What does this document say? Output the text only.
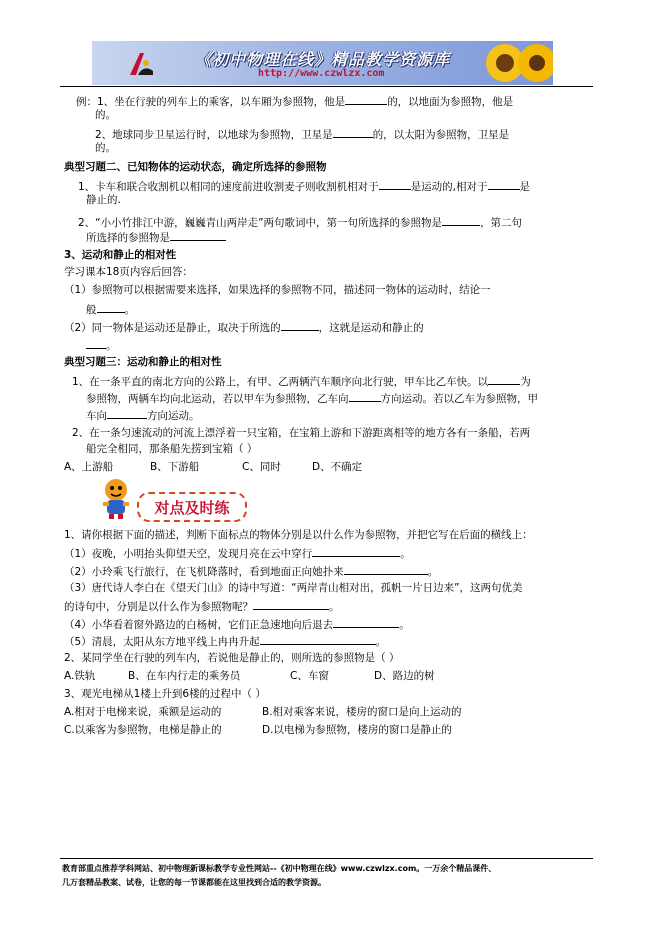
《初中物理在线》精品教学资源库
http://www.czwlzx.com
例：1、坐在行驶的列车上的乘客，以车厢为参照物，他是	的，以地面为参照物，他是
的。
2、地球同步卫星运行时，以地球为参照物，卫星是	的，以太阳为参照物，卫星是
的。
典型习题二、已知物体的运动状态，确定所选择的参照物
1、卡车和联合收割机以相同的速度前进收割麦子则收割机相对于	是运动的,相对于	是
静止的.
2、“小小竹排江中游，巍巍青山两岸走”两句歌词中，第一句所选择的参照物是	，第二句
所选择的参照物是
3、运动和静止的相对性
学习课本18页内容后回答：
（1）参照物可以根据需要来选择，如果选择的参照物不同，描述同一物体的运动时，结论一
般	。
（2）同一物体是运动还是静止，取决于所选的	，这就是运动和静止的
。
典型习题三：运动和静止的相对性
1、在一条平直的南北方向的公路上，有甲、乙两辆汽车顺序向北行驶，甲车比乙车快。以	为
参照物，两辆车均向北运动，若以甲车为参照物，乙车向	方向运动。若以乙车为参照物，甲
车向	方向运动。
2、在一条匀速流动的河流上漂浮着一只宝箱，在宝箱上游和下游距离相等的地方各有一条船，若两
船完全相同，那条船先捞到宝箱（ ）
A、上游船	B、下游船	C、同时	D、不确定
对点及时练
1、请你根据下面的描述，判断下面标点的物体分别是以什么作为参照物，并把它写在后面的横线上：
（1）夜晚，小明抬头仰望天空，发现月亮在云中穿行	。
（2）小玲乘飞行旅行，在飞机降落时，看到地面正向她扑来	。
（3）唐代诗人李白在《望天门山》的诗中写道：“两岸青山相对出，孤帆一片日边来”，这两句优美
的诗句中，分别是以什么作为参照物呢？	。
（4）小华看着窗外路边的白杨树，它们正急速地向后退去	。
（5）清晨，太阳从东方地平线上冉冉升起	。
2、某同学坐在行驶的列车内，若说他是静止的，则所选的参照物是（ ）
A.铁轨	B、在车内行走的乘务员	C、车窗	D、路边的树
3、观光电梯从1楼上升到6楼的过程中（ ）
A.相对于电梯来说，乘额是运动的	B.相对乘客来说，楼房的窗口是向上运动的
C.以乘客为参照物，电梯是静止的	D.以电梯为参照物，楼房的窗口是静止的
教育部重点推荐学科网站、初中物理新课标教学专业性网站--《初中物理在线》www.czwlzx.com。一万余个精品课件、
几万套精品教案、试卷，让您的每一节课都能在这里找到合适的教学资源。
